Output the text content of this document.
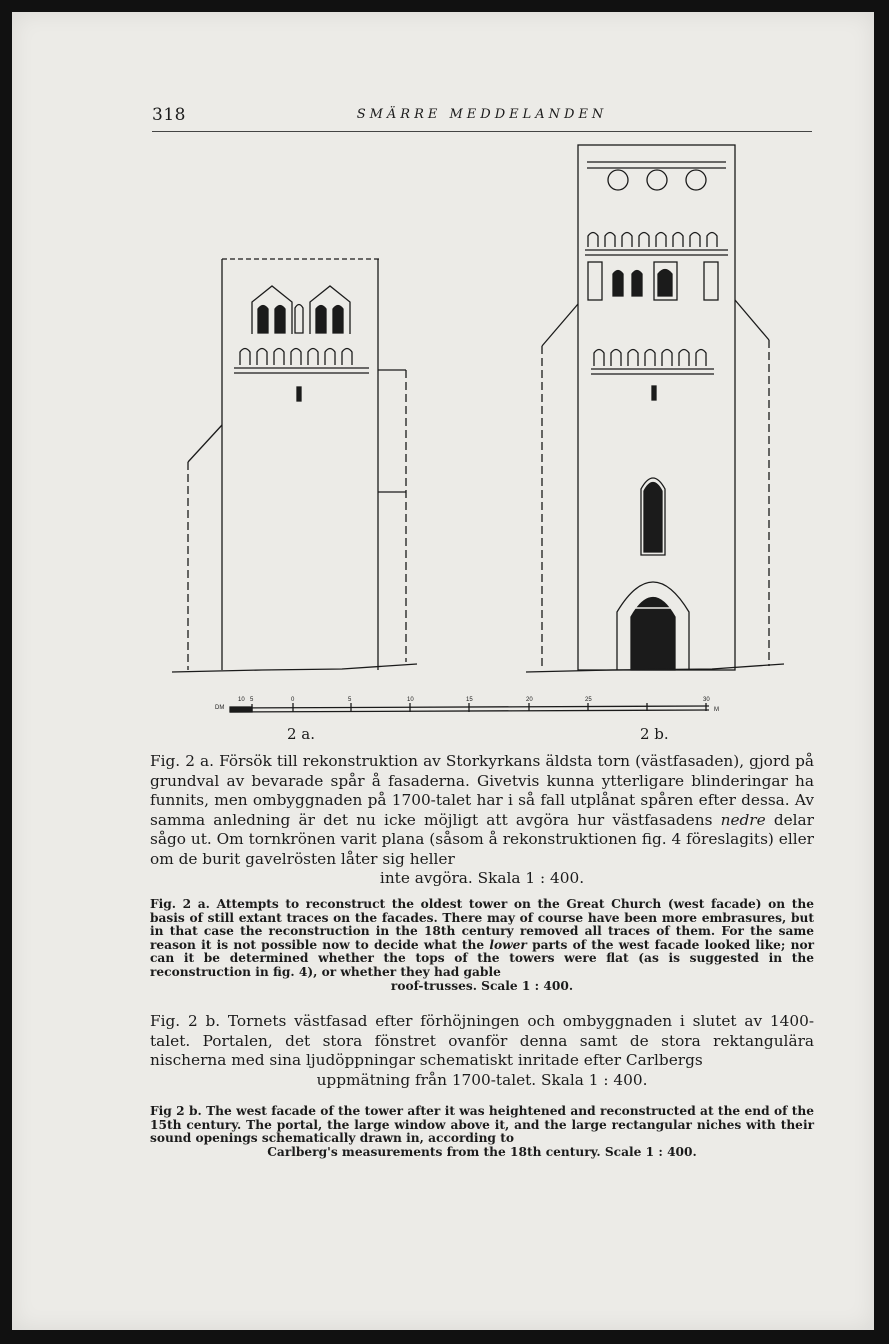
318	SMÄRRE MEDDELANDEN
DM
10 5	0	5	10	15	20	25	30
M
2 a.	2 b.
Fig. 2 a. Försök till rekonstruktion av Storkyrkans äldsta torn (västfasaden), gjord på grundval av bevarade spår å fasaderna. Givetvis kunna ytterligare blinderingar ha funnits, men ombyggnaden på 1700-talet har i så fall utplånat spåren efter dessa. Av samma anledning är det nu icke möjligt att avgöra hur västfasadens nedre delar sågo ut. Om tornkrönen varit plana (såsom å rekonstruktionen fig. 4 föreslagits) eller om de burit gavelrösten låter sig heller
inte avgöra. Skala 1 : 400.
Fig. 2 a. Attempts to reconstruct the oldest tower on the Great Church (west facade) on the basis of still extant traces on the facades. There may of course have been more embrasures, but in that case the reconstruction in the 18th century removed all traces of them. For the same reason it is not possible now to decide what the lower parts of the west facade looked like; nor can it be determined whether the tops of the towers were flat (as is suggested in the reconstruction in fig. 4), or whether they had gable
roof-trusses. Scale 1 : 400.
Fig. 2 b. Tornets västfasad efter förhöjningen och ombyggnaden i slutet av 1400-talet. Portalen, det stora fönstret ovanför denna samt de stora rektangulära nischerna med sina ljudöppningar schematiskt inritade efter Carlbergs
uppmätning från 1700-talet. Skala 1 : 400.
Fig 2 b. The west facade of the tower after it was heightened and reconstructed at the end of the 15th century. The portal, the large window above it, and the large rectangular niches with their sound openings schematically drawn in, according to
Carlberg's measurements from the 18th century. Scale 1 : 400.
